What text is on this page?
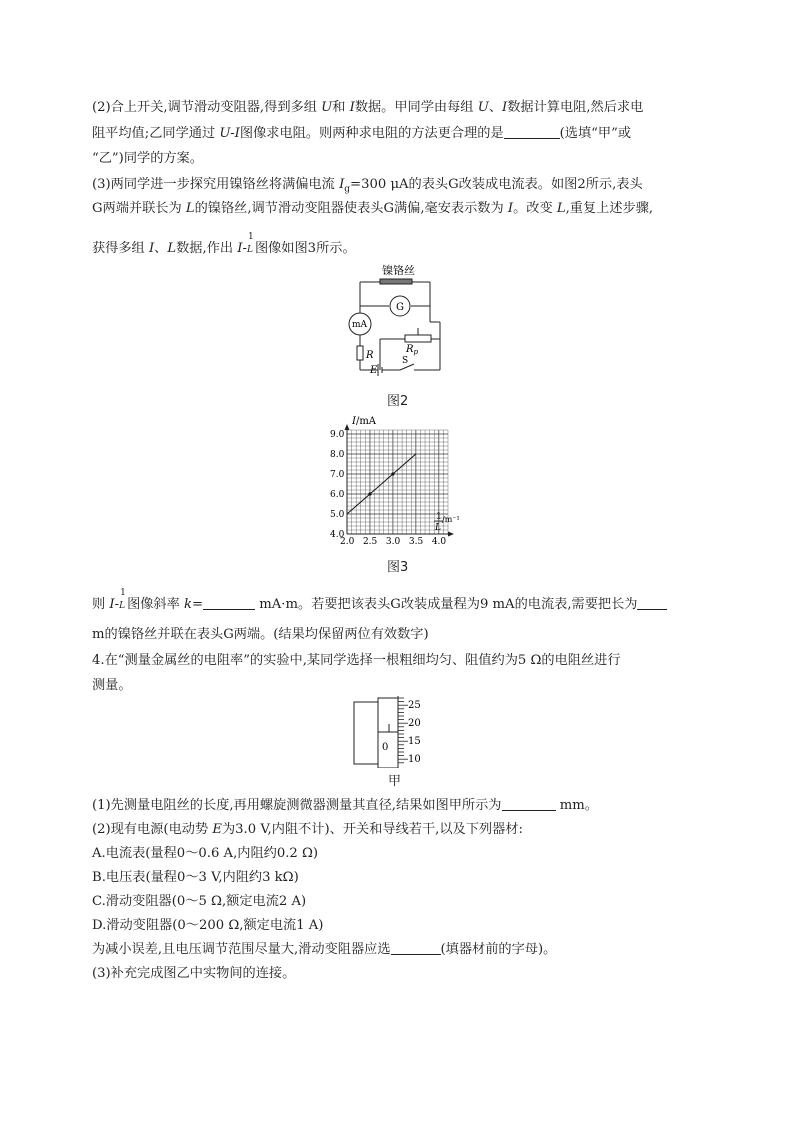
(2)合上开关,调节滑动变阻器,得到多组 U和 I数据。甲同学由每组 U、I数据计算电阻,然后求电
阻平均值;乙同学通过 U-I图像求电阻。则两种求电阻的方法更合理的是	(选填“甲”或
“乙”)同学的方案。
(3)两同学进一步探究用镍铬丝将满偏电流 $I_g=300$ μA的表头G改装成电流表。如图2所示,表头
G两端并联长为 L的镍铬丝,调节滑动变阻器使表头G满偏,毫安表示数为 I。改变 L,重复上述步骤,
获得多组 I、L数据,作出 I-
1
L 图像如图3所示。
镍铬丝
G
mA
$R_p$
R
E
S
图2
2.0 2.5 3.0 3.5 4.0
4.0
5.0
6.0
7.0
8.0
9.0
I/mA
1
L
/m⁻¹
图3
则 I-
1
L 图像斜率 k=	mA·m。若要把该表头G改装成量程为9 mA的电流表,需要把长为
m的镍铬丝并联在表头G两端。(结果均保留两位有效数字)
4.在“测量金属丝的电阻率”的实验中,某同学选择一根粗细均匀、阻值约为5 Ω的电阻丝进行
测量。
0
25
20
15
10
甲
(1)先测量电阻丝的长度,再用螺旋测微器测量其直径,结果如图甲所示为	mm。
(2)现有电源(电动势 E为3.0 V,内阻不计)、开关和导线若干,以及下列器材:
A.电流表(量程0～0.6 A,内阻约0.2 Ω)
B.电压表(量程0～3 V,内阻约3 kΩ)
C.滑动变阻器(0～5 Ω,额定电流2 A)
D.滑动变阻器(0～200 Ω,额定电流1 A)
为减小误差,且电压调节范围尽量大,滑动变阻器应选	(填器材前的字母)。
(3)补充完成图乙中实物间的连接。
